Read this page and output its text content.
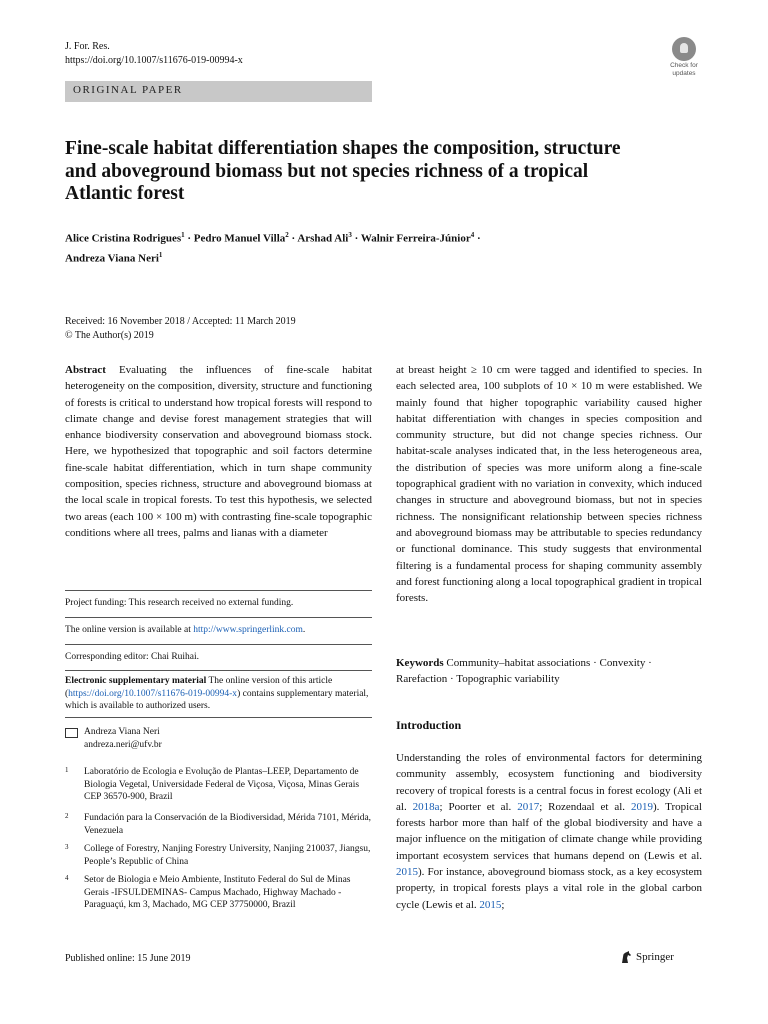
J. For. Res.
https://doi.org/10.1007/s11676-019-00994-x	Check for
updates
ORIGINAL PAPER
Fine-scale habitat differentiation shapes the composition, structure and aboveground biomass but not species richness of a tropical Atlantic forest
Alice Cristina Rodrigues$^1$ · Pedro Manuel Villa$^2$ · Arshad Ali$^3$ · Walnir Ferreira-Júnior$^4$ ·
Andreza Viana Neri$^1$
Received: 16 November 2018 / Accepted: 11 March 2019
© The Author(s) 2019
Abstract Evaluating the influences of fine-scale habitat heterogeneity on the composition, diversity, structure and functioning of forests is critical to understand how tropical forests will respond to climate change and devise forest management strategies that will enhance biodiversity conservation and aboveground biomass stock. Here, we hypothesized that topographic and soil factors determine fine-scale habitat differentiation, which in turn shape community composition, species richness, structure and aboveground biomass at the local scale in tropical forests. To test this hypothesis, we selected two areas (each 100 × 100 m) with contrasting fine-scale topographic conditions where all trees, palms and lianas with a diameter
Project funding: This research received no external funding.
The online version is available at http://www.springerlink.com.
Corresponding editor: Chai Ruihai.
Electronic supplementary material The online version of this article (https://doi.org/10.1007/s11676-019-00994-x) contains supplementary material, which is available to authorized users.
Andreza Viana Neri
andreza.neri@ufv.br
1 Laboratório de Ecologia e Evolução de Plantas–LEEP, Departamento de Biologia Vegetal, Universidade Federal de Viçosa, Viçosa, Minas Gerais CEP 36570-900, Brazil
2 Fundación para la Conservación de la Biodiversidad, Mérida 7101, Mérida, Venezuela
3 College of Forestry, Nanjing Forestry University, Nanjing 210037, Jiangsu, People’s Republic of China
4 Setor de Biologia e Meio Ambiente, Instituto Federal do Sul de Minas Gerais -IFSULDEMINAS- Campus Machado, Highway Machado - Paraguaçú, km 3, Machado, MG CEP 37750000, Brazil
at breast height ≥ 10 cm were tagged and identified to species. In each selected area, 100 subplots of 10 × 10 m were established. We mainly found that higher topographic variability caused higher habitat differentiation with changes in species composition and community structure, but did not change species richness. Our habitat-scale analyses indicated that, in the less heterogeneous area, the distribution of species was more uniform along a fine-scale topographical gradient with no variation in convexity, which induced changes in structure and aboveground biomass, but not in species richness. The nonsignificant relationship between species richness and aboveground biomass may be attributable to species redundancy or functional dominance. This study suggests that environmental filtering is a fundamental process for shaping community assembly and forest functioning along a local topographical gradient in tropical forests.
Keywords Community–habitat associations · Convexity · Rarefaction · Topographic variability
Introduction
Understanding the roles of environmental factors for determining community assembly, ecosystem functioning and biodiversity recovery of tropical forests is a central focus in forest ecology (Ali et al. 2018a; Poorter et al. 2017; Rozendaal et al. 2019). Tropical forests harbor more than half of the global biodiversity and have a major influence on the mitigation of climate change while providing important ecosystem services that humans depend on (Lewis et al. 2015). For instance, aboveground biomass stock, as a key ecosystem property, in tropical forests plays a vital role in the global carbon cycle (Lewis et al. 2015;
Published online: 15 June 2019	Springer
